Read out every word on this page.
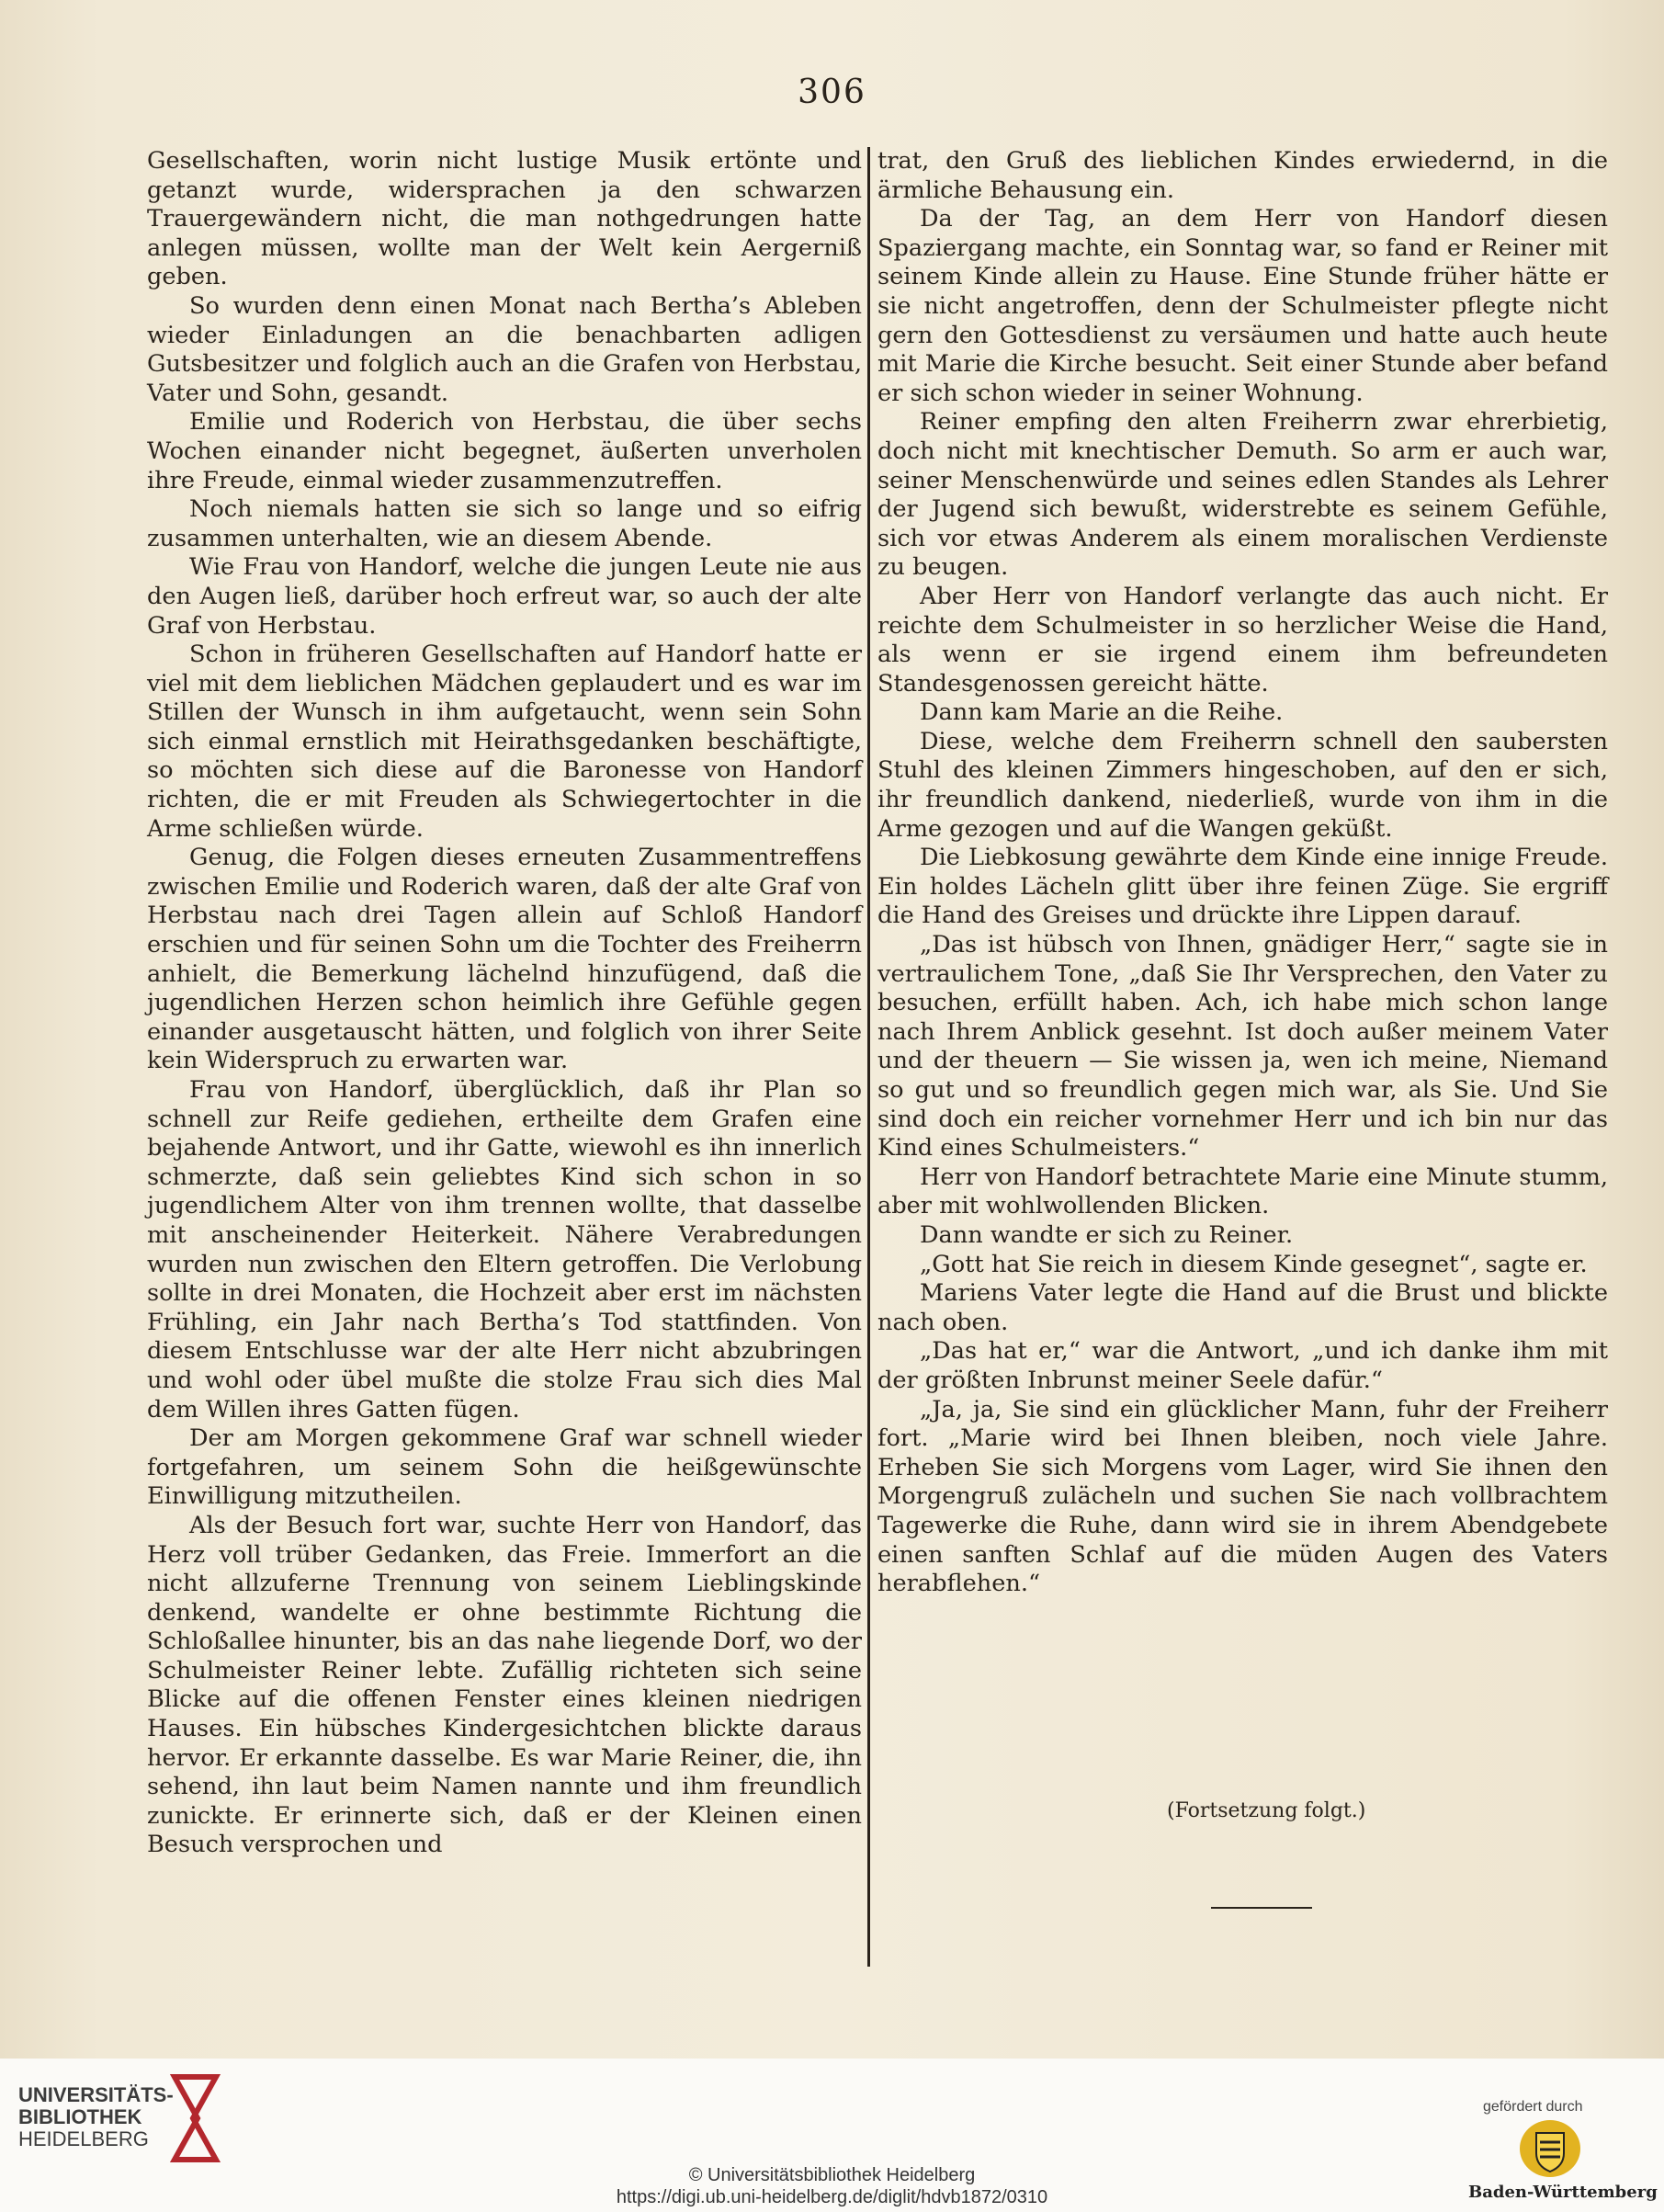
306

Gesellschaften, worin nicht lustige Musik ertönte und getanzt wurde, widersprachen ja den schwarzen Trauergewändern nicht, die man nothgedrungen hatte anlegen müssen, wollte man der Welt kein Aergerniß geben.

So wurden denn einen Monat nach Bertha’s Ableben wieder Einladungen an die benachbarten adligen Gutsbesitzer und folglich auch an die Grafen von Herbstau, Vater und Sohn, gesandt.

Emilie und Roderich von Herbstau, die über sechs Wochen einander nicht begegnet, äußerten unverholen ihre Freude, einmal wieder zusammenzutreffen.

Noch niemals hatten sie sich so lange und so eifrig zusammen unterhalten, wie an diesem Abende.

Wie Frau von Handorf, welche die jungen Leute nie aus den Augen ließ, darüber hoch erfreut war, so auch der alte Graf von Herbstau.

Schon in früheren Gesellschaften auf Handorf hatte er viel mit dem lieblichen Mädchen geplaudert und es war im Stillen der Wunsch in ihm aufgetaucht, wenn sein Sohn sich einmal ernstlich mit Heirathsgedanken beschäftigte, so möchten sich diese auf die Baronesse von Handorf richten, die er mit Freuden als Schwiegertochter in die Arme schließen würde.

Genug, die Folgen dieses erneuten Zusammentreffens zwischen Emilie und Roderich waren, daß der alte Graf von Herbstau nach drei Tagen allein auf Schloß Handorf erschien und für seinen Sohn um die Tochter des Freiherrn anhielt, die Bemerkung lächelnd hinzufügend, daß die jugendlichen Herzen schon heimlich ihre Gefühle gegen einander ausgetauscht hätten, und folglich von ihrer Seite kein Widerspruch zu erwarten war.

Frau von Handorf, überglücklich, daß ihr Plan so schnell zur Reife gediehen, ertheilte dem Grafen eine bejahende Antwort, und ihr Gatte, wiewohl es ihn innerlich schmerzte, daß sein geliebtes Kind sich schon in so jugendlichem Alter von ihm trennen wollte, that dasselbe mit anscheinender Heiterkeit. Nähere Verabredungen wurden nun zwischen den Eltern getroffen. Die Verlobung sollte in drei Monaten, die Hochzeit aber erst im nächsten Frühling, ein Jahr nach Bertha’s Tod stattfinden. Von diesem Entschlusse war der alte Herr nicht abzubringen und wohl oder übel mußte die stolze Frau sich dies Mal dem Willen ihres Gatten fügen.

Der am Morgen gekommene Graf war schnell wieder fortgefahren, um seinem Sohn die heißgewünschte Einwilligung mitzutheilen.

Als der Besuch fort war, suchte Herr von Handorf, das Herz voll trüber Gedanken, das Freie. Immerfort an die nicht allzuferne Trennung von seinem Lieblingskinde denkend, wandelte er ohne bestimmte Richtung die Schloßallee hinunter, bis an das nahe liegende Dorf, wo der Schulmeister Reiner lebte. Zufällig richteten sich seine Blicke auf die offenen Fenster eines kleinen niedrigen Hauses. Ein hübsches Kindergesichtchen blickte daraus hervor. Er erkannte dasselbe. Es war Marie Reiner, die, ihn sehend, ihn laut beim Namen nannte und ihm freundlich zunickte. Er erinnerte sich, daß er der Kleinen einen Besuch versprochen und

trat, den Gruß des lieblichen Kindes erwiedernd, in die ärmliche Behausung ein.

Da der Tag, an dem Herr von Handorf diesen Spaziergang machte, ein Sonntag war, so fand er Reiner mit seinem Kinde allein zu Hause. Eine Stunde früher hätte er sie nicht angetroffen, denn der Schulmeister pflegte nicht gern den Gottesdienst zu versäumen und hatte auch heute mit Marie die Kirche besucht. Seit einer Stunde aber befand er sich schon wieder in seiner Wohnung.

Reiner empfing den alten Freiherrn zwar ehrerbietig, doch nicht mit knechtischer Demuth. So arm er auch war, seiner Menschenwürde und seines edlen Standes als Lehrer der Jugend sich bewußt, widerstrebte es seinem Gefühle, sich vor etwas Anderem als einem moralischen Verdienste zu beugen.

Aber Herr von Handorf verlangte das auch nicht. Er reichte dem Schulmeister in so herzlicher Weise die Hand, als wenn er sie irgend einem ihm befreundeten Standesgenossen gereicht hätte.

Dann kam Marie an die Reihe.

Diese, welche dem Freiherrn schnell den saubersten Stuhl des kleinen Zimmers hingeschoben, auf den er sich, ihr freundlich dankend, niederließ, wurde von ihm in die Arme gezogen und auf die Wangen geküßt.

Die Liebkosung gewährte dem Kinde eine innige Freude. Ein holdes Lächeln glitt über ihre feinen Züge. Sie ergriff die Hand des Greises und drückte ihre Lippen darauf.

„Das ist hübsch von Ihnen, gnädiger Herr,“ sagte sie in vertraulichem Tone, „daß Sie Ihr Versprechen, den Vater zu besuchen, erfüllt haben. Ach, ich habe mich schon lange nach Ihrem Anblick gesehnt. Ist doch außer meinem Vater und der theuern — Sie wissen ja, wen ich meine, Niemand so gut und so freundlich gegen mich war, als Sie. Und Sie sind doch ein reicher vornehmer Herr und ich bin nur das Kind eines Schulmeisters.“

Herr von Handorf betrachtete Marie eine Minute stumm, aber mit wohlwollenden Blicken.

Dann wandte er sich zu Reiner.

„Gott hat Sie reich in diesem Kinde gesegnet“, sagte er.

Mariens Vater legte die Hand auf die Brust und blickte nach oben.

„Das hat er,“ war die Antwort, „und ich danke ihm mit der größten Inbrunst meiner Seele dafür.“

„Ja, ja, Sie sind ein glücklicher Mann, fuhr der Freiherr fort. „Marie wird bei Ihnen bleiben, noch viele Jahre. Erheben Sie sich Morgens vom Lager, wird Sie ihnen den Morgengruß zulächeln und suchen Sie nach vollbrachtem Tagewerke die Ruhe, dann wird sie in ihrem Abendgebete einen sanften Schlaf auf die müden Augen des Vaters herabflehen.“

(Fortsetzung folgt.)
UNIVERSITÄTS-
BIBLIOTHEK
HEIDELBERG
© Universitätsbibliothek Heidelberg
https://digi.ub.uni-heidelberg.de/diglit/hdvb1872/0310
gefördert durch
Baden-Württemberg
